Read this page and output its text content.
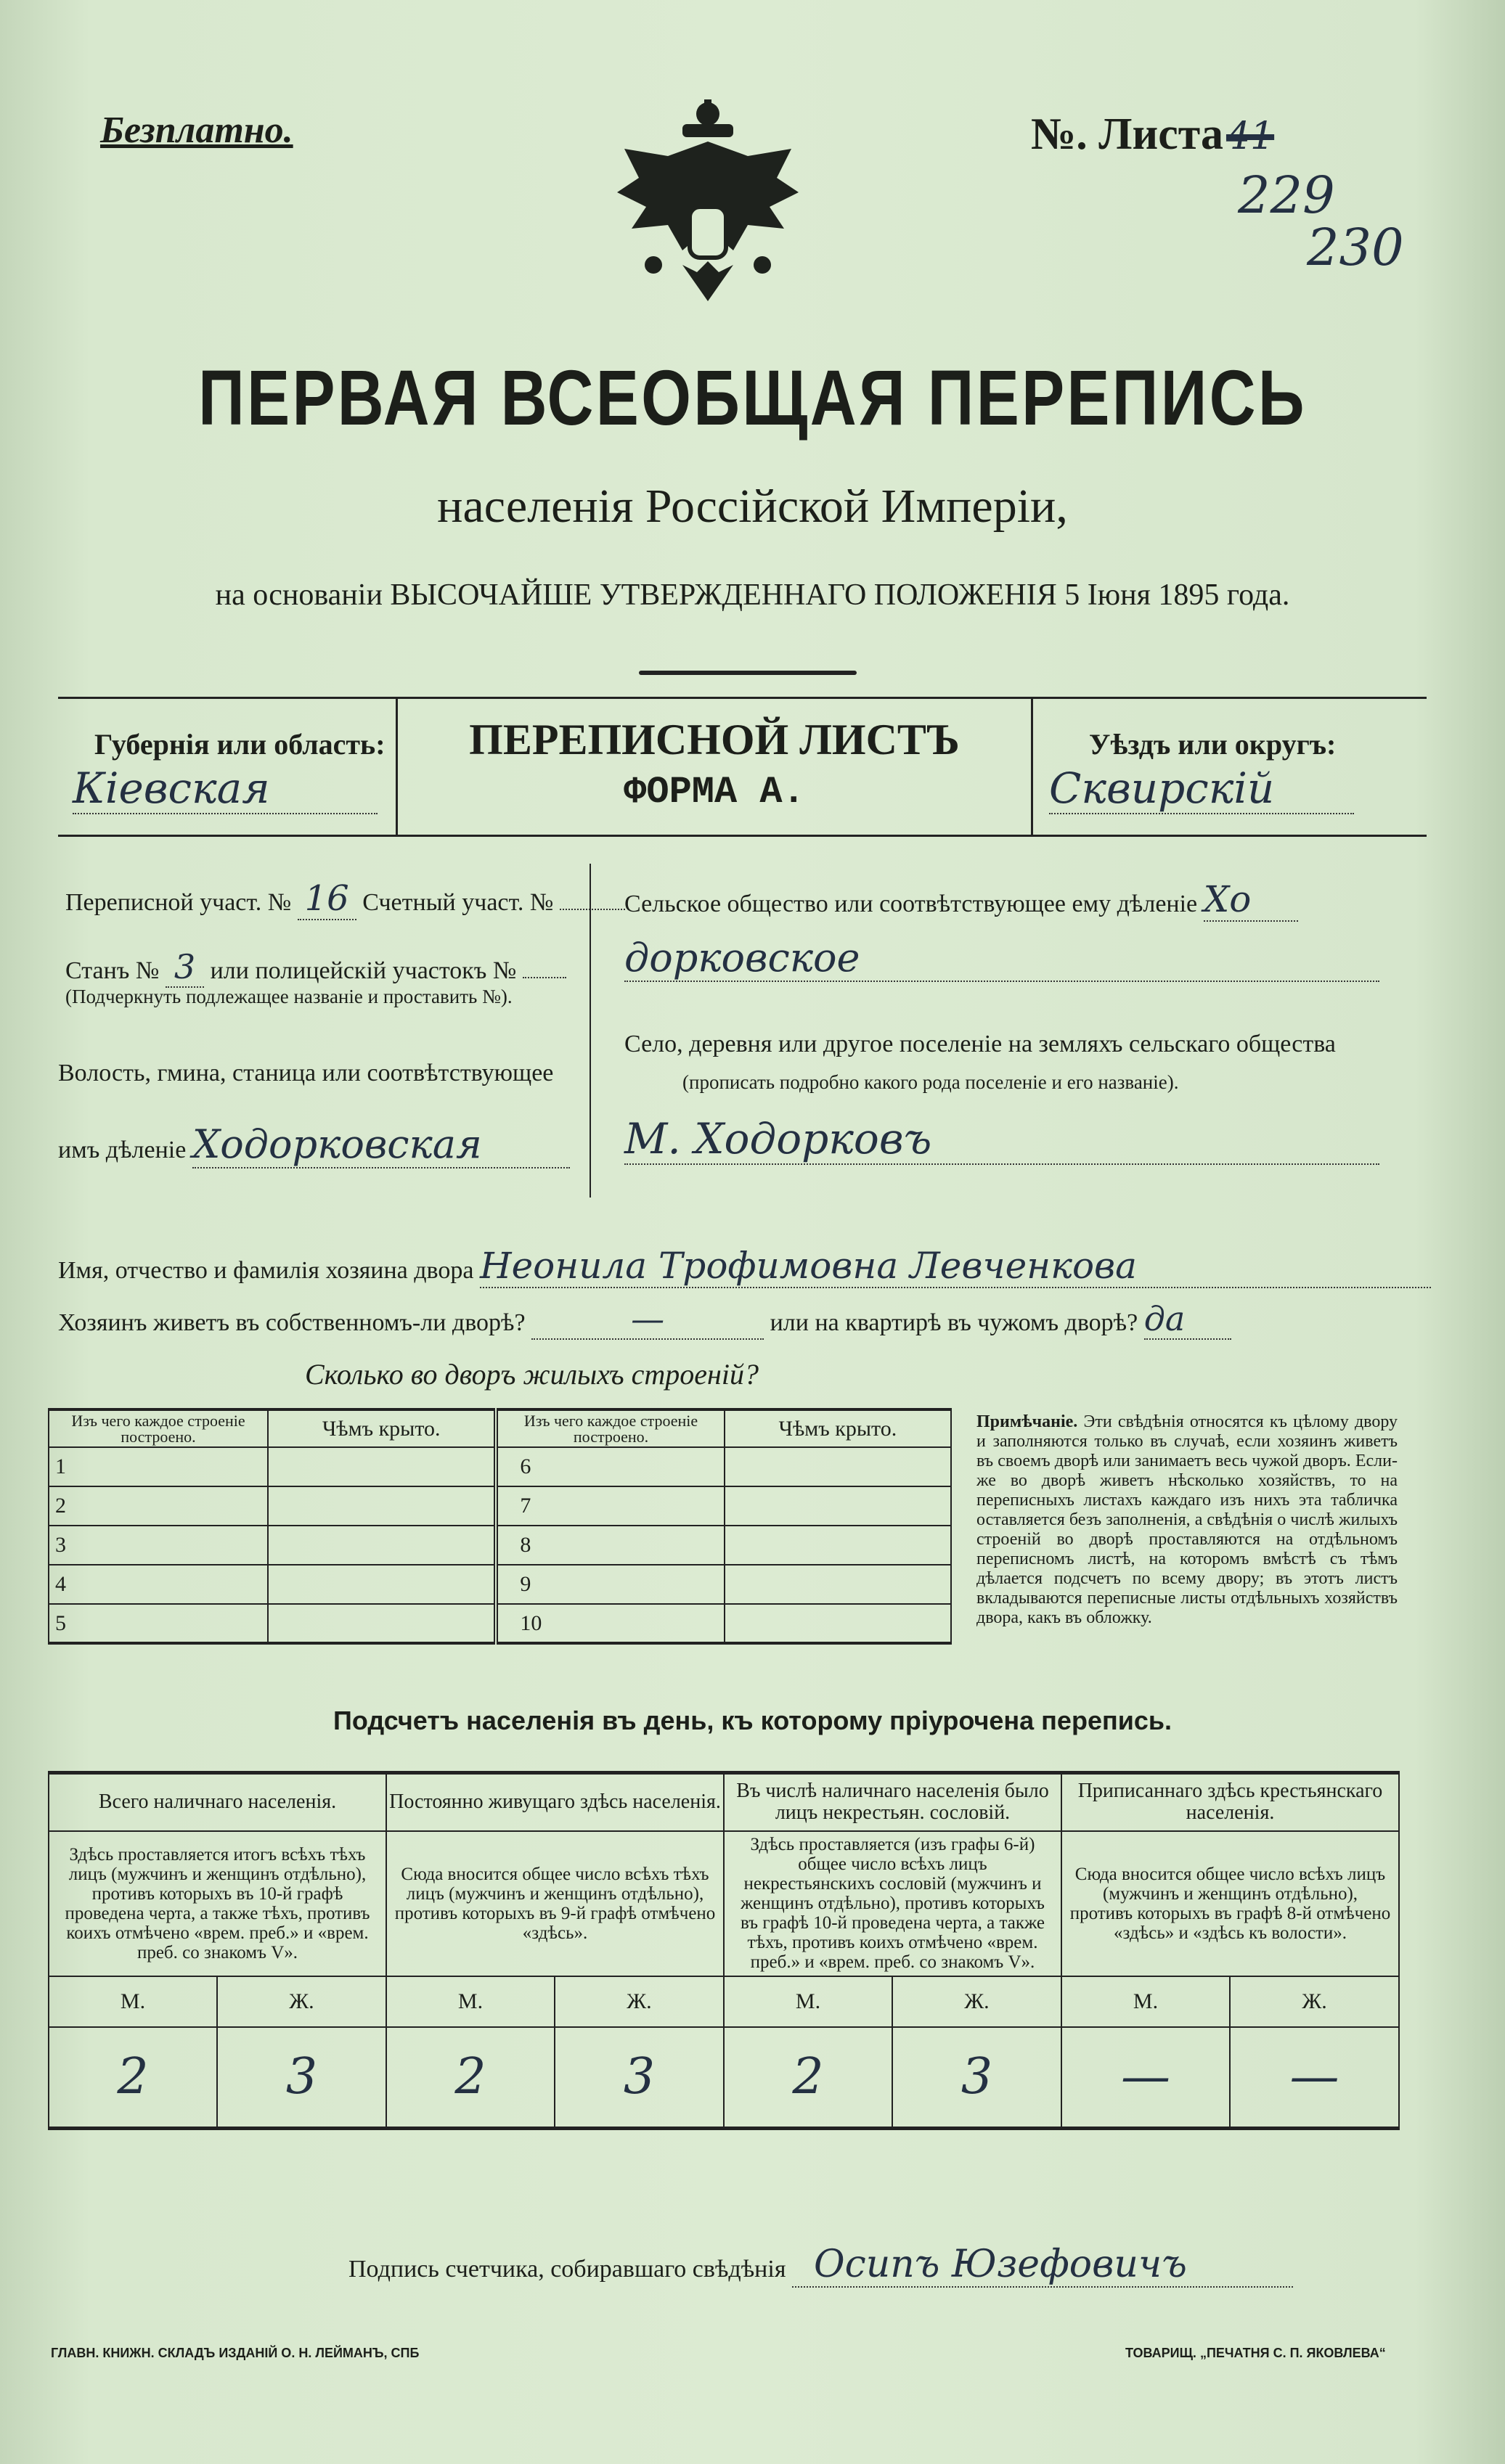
Безплатно.	№. Листа 41
229
230
ПЕРВАЯ ВСЕОБЩАЯ ПЕРЕПИСЬ
населенія Россійской Имперіи,
на основаніи ВЫСОЧАЙШЕ УТВЕРЖДЕННАГО ПОЛОЖЕНІЯ 5 Іюня 1895 года.
Губернія или область:
Кіевская
ПЕРЕПИСНОЙ ЛИСТЪ
ФОРМА А.
Уѣздъ или округъ:
Сквирскій
Переписной участ. № 16 Счетный участ. №
Станъ № 3 или полицейскій участокъ №
(Подчеркнуть подлежащее названіе и проставить №).
Волость, гмина, станица или соотвѣтствующее
имъ дѣленіе Ходорковская
Сельское общество или соотвѣтствующее ему дѣленіе Хо
дорковское
Село, деревня или другое поселеніе на земляхъ сельскаго общества
(прописать подробно какого рода поселеніе и его названіе).
М. Ходорковъ
Имя, отчество и фамилія хозяина двора Неонила Трофимовна Левченкова
Хозяинъ живетъ въ собственномъ-ли дворѣ?	—	или на квартирѣ въ чужомъ дворѣ? да
Сколько во дворъ жилыхъ строеній?
Изъ чего каждое строеніе построено.	Чѣмъ крыто.	Изъ чего каждое строеніе построено.	Чѣмъ крыто.
1		6	
2		7	
3		8	
4		9	
5		10	
Примѣчаніе. Эти свѣдѣнія относятся къ цѣлому двору и заполняются только въ случаѣ, если хозяинъ живетъ въ своемъ дворѣ или занимаетъ весь чужой дворъ. Если-же во дворѣ живетъ нѣсколько хозяйствъ, то на переписныхъ листахъ каждаго изъ нихъ эта табличка оставляется безъ заполненія, а свѣдѣнія о числѣ жилыхъ строеній во дворѣ проставляются на отдѣльномъ переписномъ листѣ, на которомъ вмѣстѣ съ тѣмъ дѣлается подсчетъ по всему двору; въ этотъ листъ вкладываются переписные листы отдѣльныхъ хозяйствъ двора, какъ въ обложку.
Подсчетъ населенія въ день, къ которому пріурочена перепись.
Всего наличнаго населенія.		Постоянно живущаго здѣсь населенія.		Въ числѣ наличнаго населенія было лицъ некрестьян. сословій.		Приписаннаго здѣсь крестьянскаго населенія.	
Здѣсь проставляется итогъ всѣхъ тѣхъ лицъ (мужчинъ и женщинъ отдѣльно), противъ которыхъ въ 10-й графѣ проведена черта, а также тѣхъ, противъ коихъ отмѣчено «врем. преб.» и «врем. преб. со знакомъ V».		Сюда вносится общее число всѣхъ тѣхъ лицъ (мужчинъ и женщинъ отдѣльно), противъ которыхъ въ 9-й графѣ отмѣчено «здѣсь».		Здѣсь проставляется (изъ графы 6-й) общее число всѣхъ лицъ некрестьянскихъ сословій (мужчинъ и женщинъ отдѣльно), противъ которыхъ въ графѣ 10-й проведена черта, а также тѣхъ, противъ коихъ отмѣчено «врем. преб.» и «врем. преб. со знакомъ V».		Сюда вносится общее число всѣхъ лицъ (мужчинъ и женщинъ отдѣльно), противъ которыхъ въ графѣ 8-й отмѣчено «здѣсь» и «здѣсь къ волости».	
М.	Ж.	М.	Ж.	М.	Ж.	М.	Ж.
2	3	2	3	2	3	—	—
Подпись счетчика, собиравшаго свѣдѣнія Осипъ Юзефовичъ
ГЛАВН. КНИЖН. СКЛАДЪ ИЗДАНІЙ О. Н. ЛЕЙМАНЪ, СПБ	ТОВАРИЩ. „ПЕЧАТНЯ С. П. ЯКОВЛЕВА“
